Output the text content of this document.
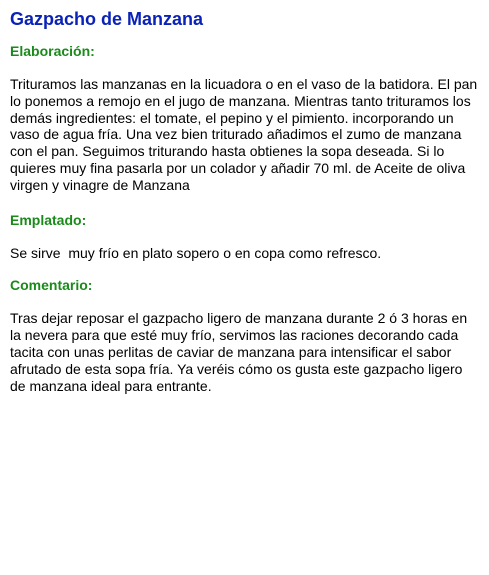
Gazpacho de Manzana
Elaboración:

Trituramos las manzanas en la licuadora o en el vaso de la batidora. El pan lo ponemos a remojo en el jugo de manzana. Mientras tanto trituramos los demás ingredientes: el tomate, el pepino y el pimiento. incorporando un vaso de agua fría. Una vez bien triturado añadimos el zumo de manzana con el pan. Seguimos triturando hasta obtienes la sopa deseada. Si lo quieres muy fina pasarla por un colador y añadir 70 ml. de Aceite de oliva virgen y vinagre de Manzana

Emplatado:

Se sirve  muy frío en plato sopero o en copa como refresco.

Comentario:

Tras dejar reposar el gazpacho ligero de manzana durante 2 ó 3 horas en la nevera para que esté muy frío, servimos las raciones decorando cada tacita con unas perlitas de caviar de manzana para intensificar el sabor afrutado de esta sopa fría. Ya veréis cómo os gusta este gazpacho ligero de manzana ideal para entrante.
